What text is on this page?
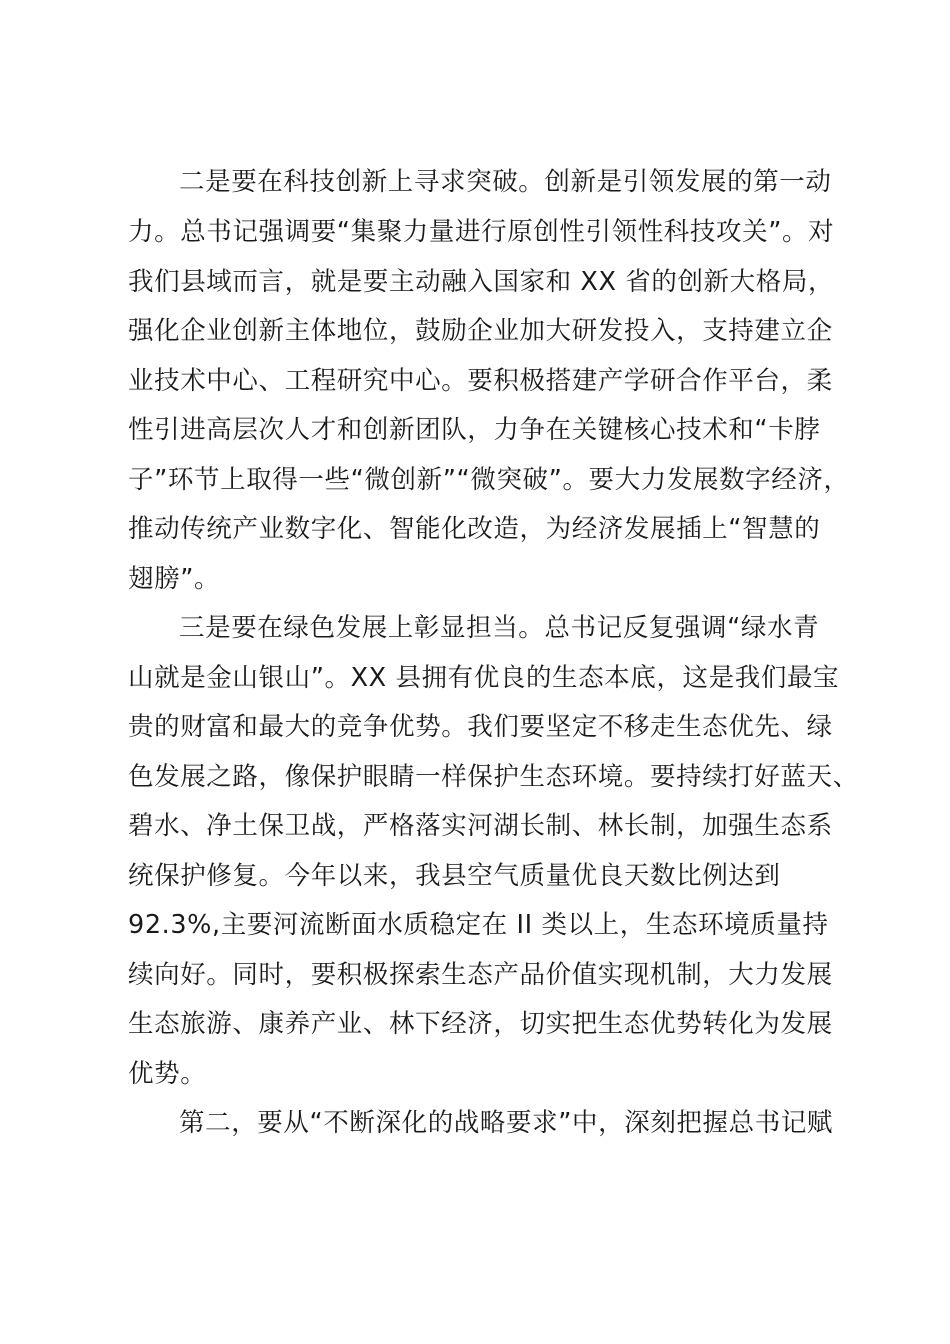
二是要在科技创新上寻求突破。创新是引领发展的第一动
力。总书记强调要“集聚力量进行原创性引领性科技攻关”。对
我们县域而言，就是要主动融入国家和 XX 省的创新大格局，
强化企业创新主体地位，鼓励企业加大研发投入，支持建立企
业技术中心、工程研究中心。要积极搭建产学研合作平台，柔
性引进高层次人才和创新团队，力争在关键核心技术和“卡脖
子”环节上取得一些“微创新”“微突破”。要大力发展数字经济，
推动传统产业数字化、智能化改造，为经济发展插上“智慧的
翅膀”。
三是要在绿色发展上彰显担当。总书记反复强调“绿水青
山就是金山银山”。XX 县拥有优良的生态本底，这是我们最宝
贵的财富和最大的竞争优势。我们要坚定不移走生态优先、绿
色发展之路，像保护眼睛一样保护生态环境。要持续打好蓝天、
碧水、净土保卫战，严格落实河湖长制、林长制，加强生态系
统保护修复。今年以来，我县空气质量优良天数比例达到
92.3%,主要河流断面水质稳定在 II 类以上，生态环境质量持
续向好。同时，要积极探索生态产品价值实现机制，大力发展
生态旅游、康养产业、林下经济，切实把生态优势转化为发展
优势。
第二，要从“不断深化的战略要求”中，深刻把握总书记赋
